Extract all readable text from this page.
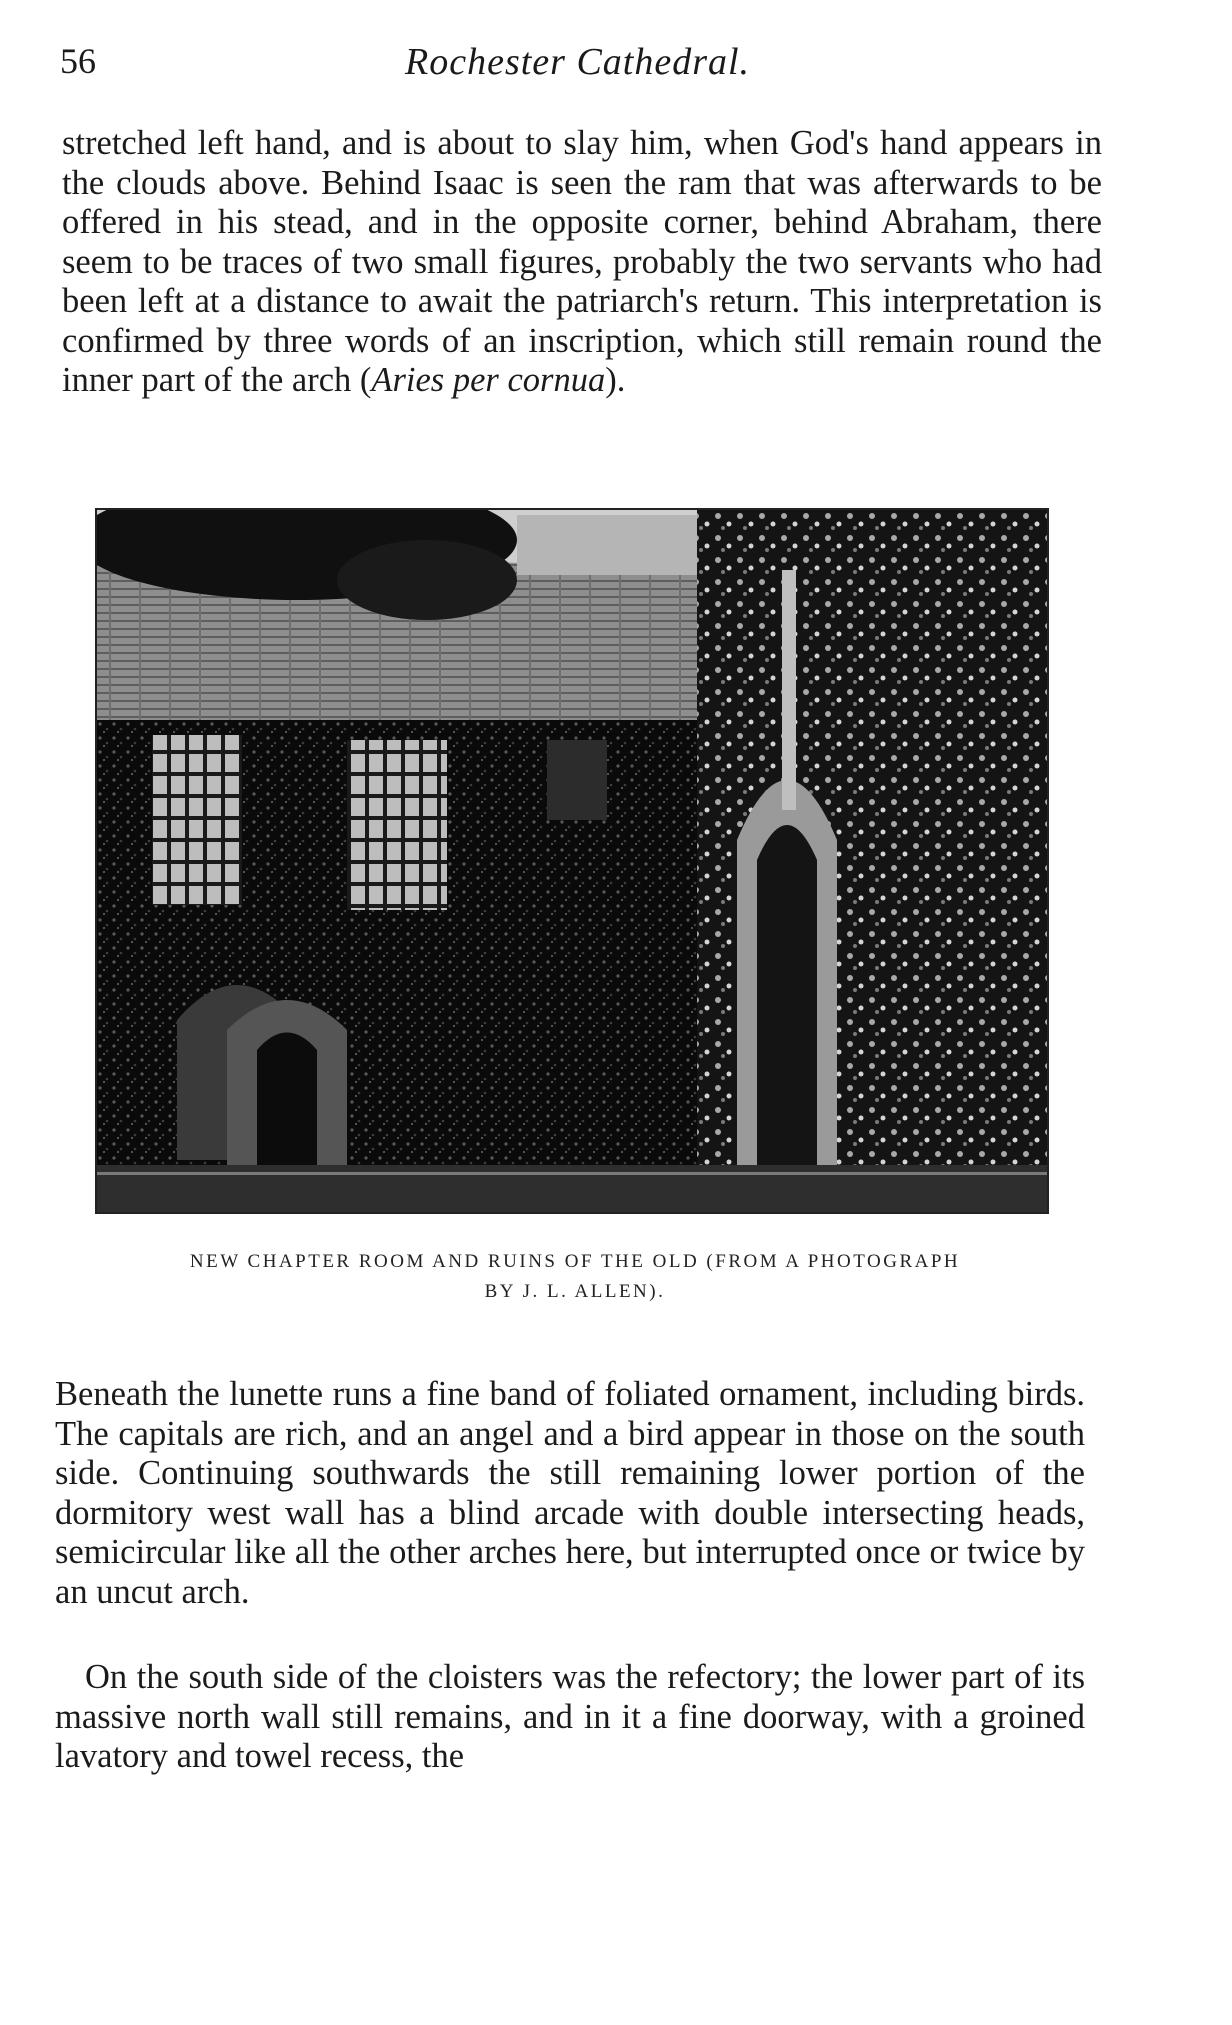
56	Rochester Cathedral.

stretched left hand, and is about to slay him, when God's hand appears in the clouds above. Behind Isaac is seen the ram that was afterwards to be offered in his stead, and in the opposite corner, behind Abraham, there seem to be traces of two small figures, probably the two servants who had been left at a distance to await the patriarch's return. This interpretation is confirmed by three words of an inscription, which still remain round the inner part of the arch (Aries per cornua).

NEW CHAPTER ROOM AND RUINS OF THE OLD (FROM A PHOTOGRAPH
BY J. L. ALLEN).

Beneath the lunette runs a fine band of foliated ornament, including birds. The capitals are rich, and an angel and a bird appear in those on the south side. Continuing southwards the still remaining lower portion of the dormitory west wall has a blind arcade with double intersecting heads, semicircular like all the other arches here, but interrupted once or twice by an uncut arch.

On the south side of the cloisters was the refectory; the lower part of its massive north wall still remains, and in it a fine doorway, with a groined lavatory and towel recess, the
